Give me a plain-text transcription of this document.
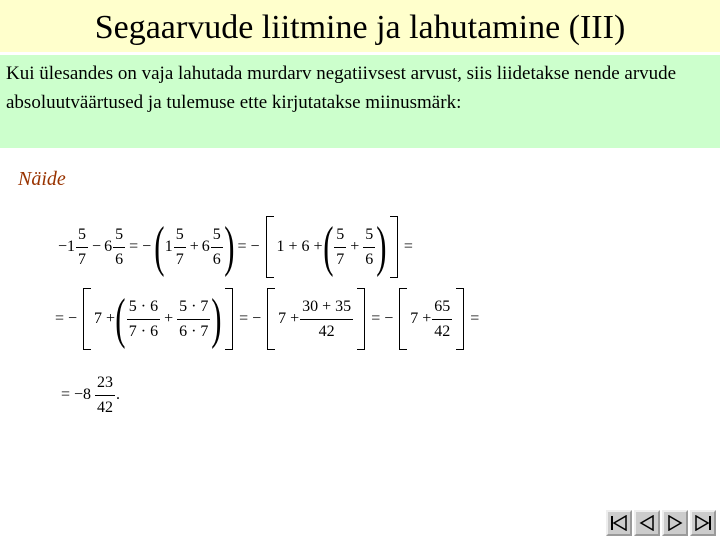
Segaarvude liitmine ja lahutamine (III)
Kui ülesandes on vaja lahutada murdarv negatiivsest arvust, siis liidetakse nende arvude absoluutväärtused ja tulemuse ette kirjutatakse miinusmärk:
Näide
$-1 \frac{5}{7} - 6 \frac{5}{6}$ = − ( $1 \frac{5}{7} + 6 \frac{5}{6}$ ) = − 1 + 6 + ( $\frac{5}{7} + \frac{5}{6}$ ) =
= − 7 + ( $\frac{5 \cdot 6}{7 \cdot 6} + \frac{5 \cdot 7}{6 \cdot 7}$ ) = − $7 + \frac{30 + 35}{42}$ = − $7 + \frac{65}{42}$ =
= $-8 \frac{23}{42}$ .
